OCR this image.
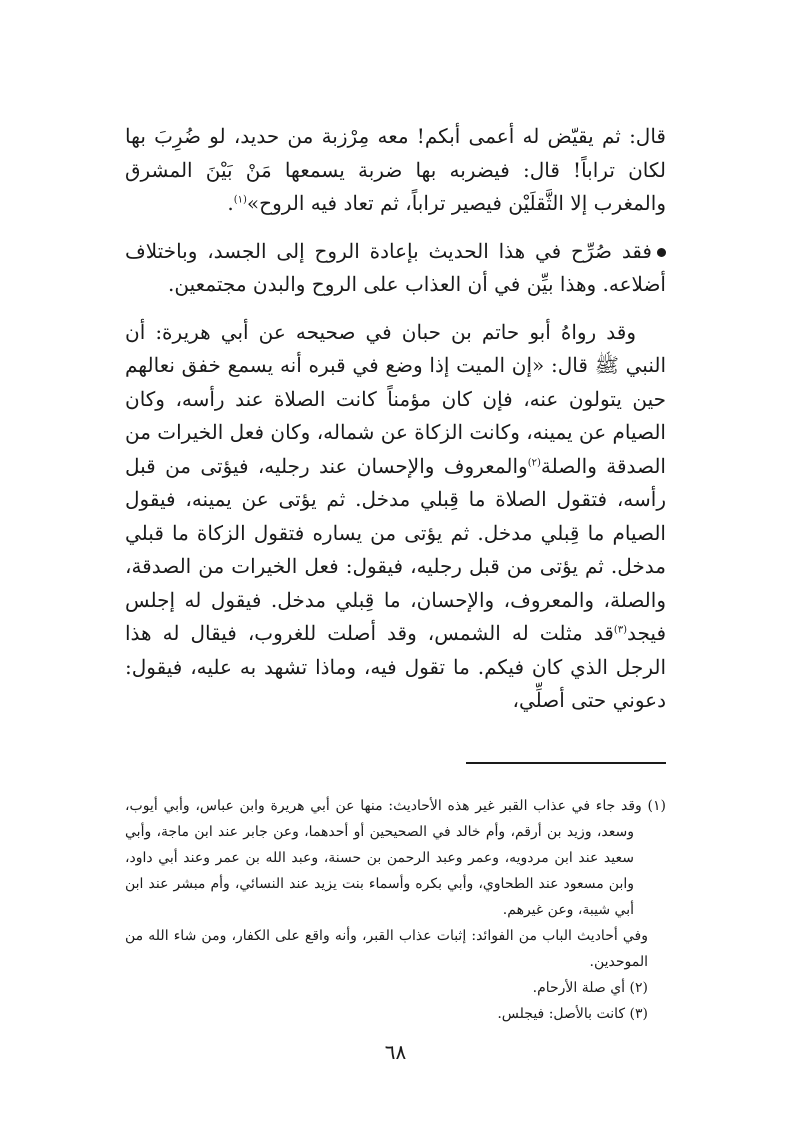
قال: ثم يقيّض له أعمى أبكم! معه مِرْزبة من حديد، لو ضُرِبَ بها لكان تراباً! قال: فيضربه بها ضربة يسمعها مَنْ بَيْنَ المشرق والمغرب إلا الثَّقلَيْن فيصير تراباً، ثم تعاد فيه الروح»$^{(١)}$.

فقد صُرِّح في هذا الحديث بإعادة الروح إلى الجسد، وباختلاف أضلاعه. وهذا بيِّن في أن العذاب على الروح والبدن مجتمعين.

وقد رواهُ أبو حاتم بن حبان في صحيحه عن أبي هريرة: أن النبي ﷺ قال: «إن الميت إذا وضع في قبره أنه يسمع خفق نعالهم حين يتولون عنه، فإن كان مؤمناً كانت الصلاة عند رأسه، وكان الصيام عن يمينه، وكانت الزكاة عن شماله، وكان فعل الخيرات من الصدقة والصلة$^{(٢)}$والمعروف والإحسان عند رجليه، فيؤتى من قبل رأسه، فتقول الصلاة ما قِبلي مدخل. ثم يؤتى عن يمينه، فيقول الصيام ما قِبلي مدخل. ثم يؤتى من يساره فتقول الزكاة ما قبلي مدخل. ثم يؤتى من قبل رجليه، فيقول: فعل الخيرات من الصدقة، والصلة، والمعروف، والإحسان، ما قِبلي مدخل. فيقول له إجلس فيجد$^{(٣)}$قد مثلت له الشمس، وقد أصلت للغروب، فيقال له هذا الرجل الذي كان فيكم. ما تقول فيه، وماذا تشهد به عليه، فيقول: دعوني حتى أصلِّي،

(١) وقد جاء في عذاب القبر غير هذه الأحاديث: منها عن أبي هريرة وابن عباس، وأبي أيوب، وسعد، وزيد بن أرقم، وأم خالد في الصحيحين أو أحدهما، وعن جابر عند ابن ماجة، وأبي سعيد عند ابن مردويه، وعمر وعبد الرحمن بن حسنة، وعبد الله بن عمر وعند أبي داود، وابن مسعود عند الطحاوي، وأبي بكره وأسماء بنت يزيد عند النسائي، وأم مبشر عند ابن أبي شيبة، وعن غيرهم.

وفي أحاديث الباب من الفوائد: إثبات عذاب القبر، وأنه واقع على الكفار، ومن شاء الله من الموحدين.

(٢) أي صلة الأرحام.

(٣) كانت بالأصل: فيجلس.

٦٨
